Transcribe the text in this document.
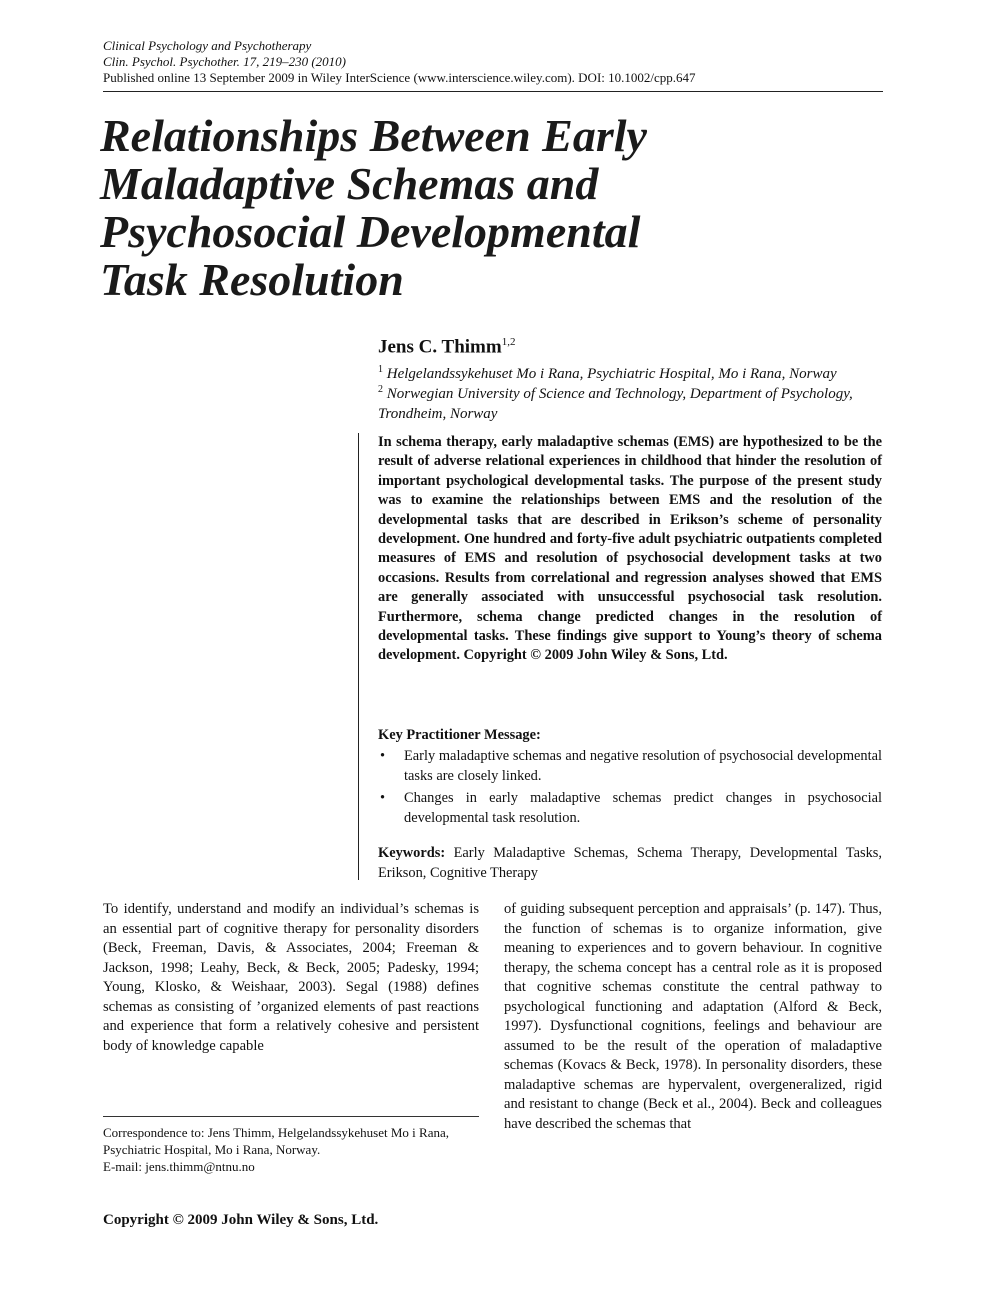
Clinical Psychology and Psychotherapy
Clin. Psychol. Psychother. 17, 219–230 (2010)
Published online 13 September 2009 in Wiley InterScience (www.interscience.wiley.com). DOI: 10.1002/cpp.647
Relationships Between Early
Maladaptive Schemas and
Psychosocial Developmental
Task Resolution
Jens C. Thimm$^{1,2}$
$^1$ Helgelandssykehuset Mo i Rana, Psychiatric Hospital, Mo i Rana, Norway
$^2$ Norwegian University of Science and Technology, Department of Psychology, Trondheim, Norway

In schema therapy, early maladaptive schemas (EMS) are hypothesized to be the result of adverse relational experiences in childhood that hinder the resolution of important psychological developmental tasks. The purpose of the present study was to examine the relationships between EMS and the resolution of the developmental tasks that are described in Erikson’s scheme of personality development. One hundred and forty-five adult psychiatric outpatients completed measures of EMS and resolution of psychosocial development tasks at two occasions. Results from correlational and regression analyses showed that EMS are generally associated with unsuccessful psychosocial task resolution. Furthermore, schema change predicted changes in the resolution of developmental tasks. These findings give support to Young’s theory of schema development. Copyright © 2009 John Wiley & Sons, Ltd.

Key Practitioner Message:
• Early maladaptive schemas and negative resolution of psychosocial developmental tasks are closely linked.
• Changes in early maladaptive schemas predict changes in psychosocial developmental task resolution.
Keywords: Early Maladaptive Schemas, Schema Therapy, Developmental Tasks, Erikson, Cognitive Therapy

To identify, understand and modify an individual’s schemas is an essential part of cognitive therapy for personality disorders (Beck, Freeman, Davis, & Associates, 2004; Freeman & Jackson, 1998; Leahy, Beck, & Beck, 2005; Padesky, 1994; Young, Klosko, & Weishaar, 2003). Segal (1988) defines schemas as consisting of ’organized elements of past reactions and experience that form a relatively cohesive and persistent body of knowledge capable

of guiding subsequent perception and appraisals’ (p. 147). Thus, the function of schemas is to organize information, give meaning to experiences and to govern behaviour. In cognitive therapy, the schema concept has a central role as it is proposed that cognitive schemas constitute the central pathway to psychological functioning and adaptation (Alford & Beck, 1997). Dysfunctional cognitions, feelings and behaviour are assumed to be the result of the operation of maladaptive schemas (Kovacs & Beck, 1978). In personality disorders, these maladaptive schemas are hypervalent, overgeneralized, rigid and resistant to change (Beck et al., 2004). Beck and colleagues have described the schemas that

Correspondence to: Jens Thimm, Helgelandssykehuset Mo i Rana, Psychiatric Hospital, Mo i Rana, Norway.
E-mail: jens.thimm@ntnu.no

Copyright © 2009 John Wiley & Sons, Ltd.
